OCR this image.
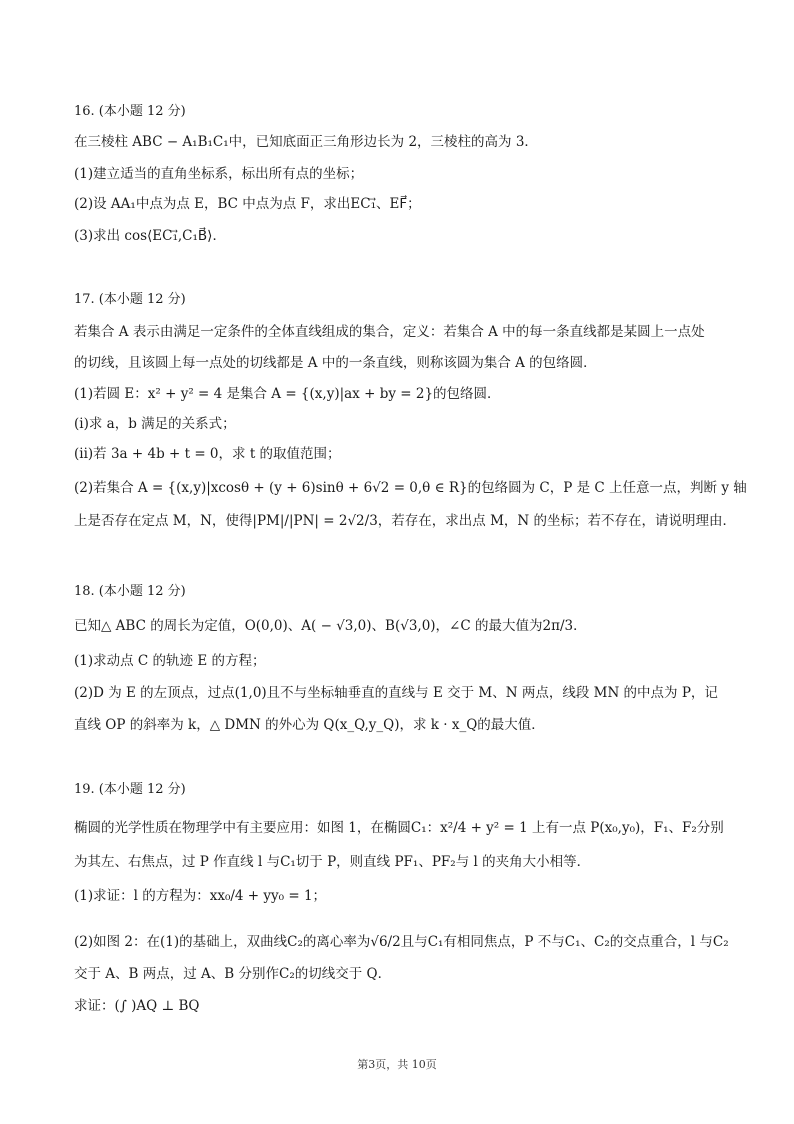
16. (本小题 12 分)
在三棱柱 ABC − A₁B₁C₁中，已知底面正三角形边长为 2，三棱柱的高为 3．
(1)建立适当的直角坐标系，标出所有点的坐标；
(2)设 AA₁中点为点 E，BC 中点为点 F，求出EC₁⃗、EF⃗；
(3)求出 cos⟨EC₁⃗,C₁B⃗⟩．
17. (本小题 12 分)
若集合 A 表示由满足一定条件的全体直线组成的集合，定义：若集合 A 中的每一条直线都是某圆上一点处
的切线，且该圆上每一点处的切线都是 A 中的一条直线，则称该圆为集合 A 的包络圆．
(1)若圆 E：x² + y² = 4 是集合 A = {(x,y)|ax + by = 2}的包络圆．
(i)求 a，b 满足的关系式；
(ii)若 3a + 4b + t = 0，求 t 的取值范围；
(2)若集合 A = {(x,y)|xcosθ + (y + 6)sinθ + 6√2 = 0,θ ∈ R}的包络圆为 C，P 是 C 上任意一点，判断 y 轴
上是否存在定点 M，N，使得|PM|/|PN| = 2√2/3，若存在，求出点 M，N 的坐标；若不存在，请说明理由．
18. (本小题 12 分)
已知△ ABC 的周长为定值，O(0,0)、A( − √3,0)、B(√3,0)，∠C 的最大值为2π/3．
(1)求动点 C 的轨迹 E 的方程；
(2)D 为 E 的左顶点，过点(1,0)且不与坐标轴垂直的直线与 E 交于 M、N 两点，线段 MN 的中点为 P，记
直线 OP 的斜率为 k，△ DMN 的外心为 Q(x_Q,y_Q)，求 k · x_Q的最大值．
19. (本小题 12 分)
椭圆的光学性质在物理学中有主要应用：如图 1，在椭圆C₁：x²/4 + y² = 1 上有一点 P(x₀,y₀)，F₁、F₂分别
为其左、右焦点，过 P 作直线 l 与C₁切于 P，则直线 PF₁、PF₂与 l 的夹角大小相等．
(1)求证：l 的方程为：xx₀/4 + yy₀ = 1；
(2)如图 2：在(1)的基础上，双曲线C₂的离心率为√6/2且与C₁有相同焦点，P 不与C₁、C₂的交点重合，l 与C₂
交于 A、B 两点，过 A、B 分别作C₂的切线交于 Q．
求证：(∫ )AQ ⊥ BQ
第3页，共 10页
